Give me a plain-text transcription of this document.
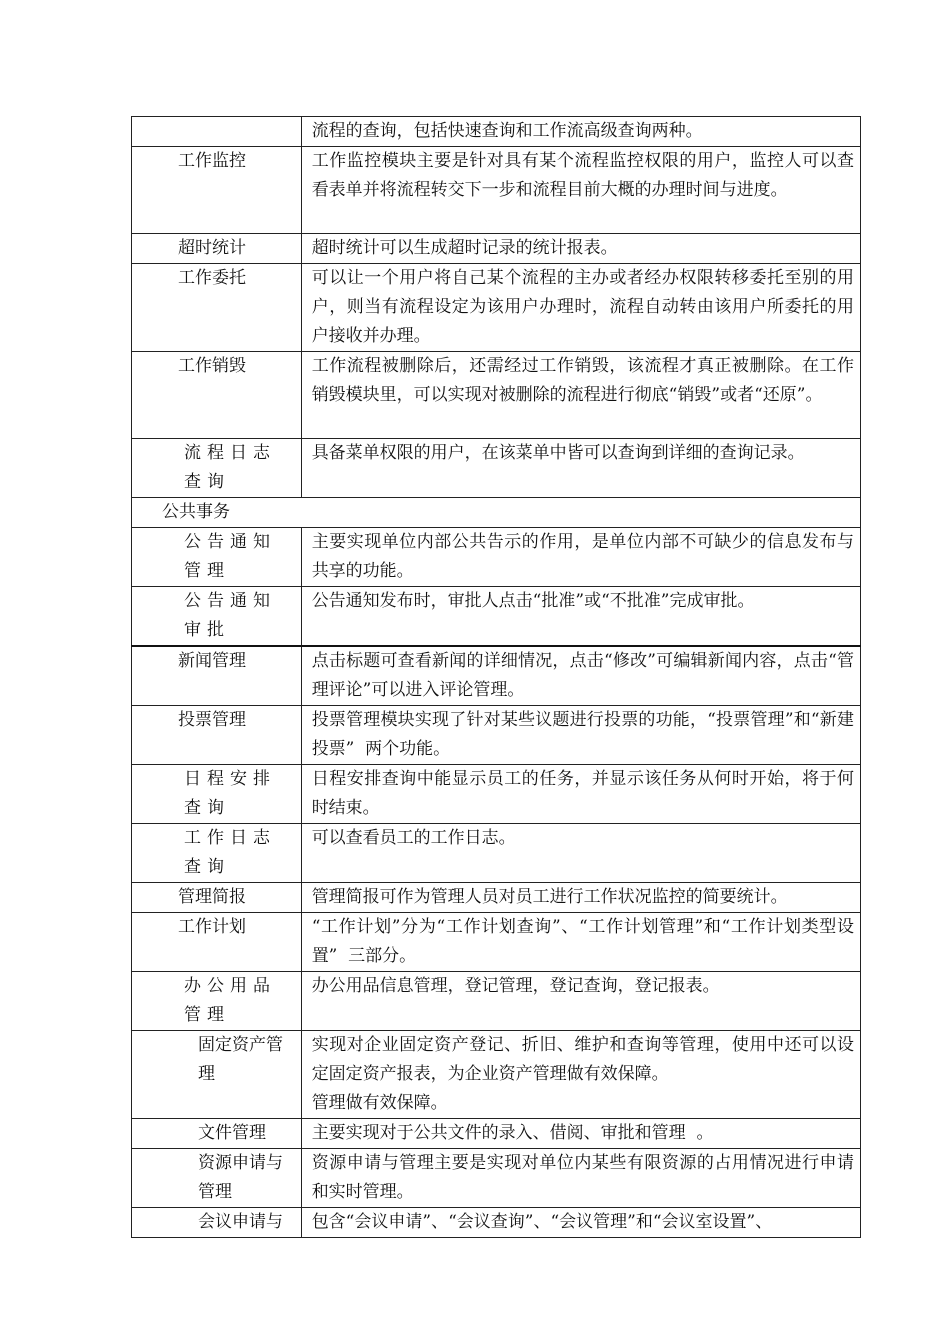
	流程的查询，包括快速查询和工作流高级查询两种。

工作监控	工作监控模块主要是针对具有某个流程监控权限的用户，监控人可以查看表单并将流程转交下一步和流程目前大概的办理时间与进度。

超时统计	超时统计可以生成超时记录的统计报表。

工作委托	可以让一个用户将自己某个流程的主办或者经办权限转移委托至别的用户，则当有流程设定为该用户办理时，流程自动转由该用户所委托的用户接收并办理。

工作销毁	工作流程被删除后，还需经过工作销毁，该流程才真正被删除。在工作销毁模块里，可以实现对被删除的流程进行彻底“销毁”或者“还原”。

流程日志查询	具备菜单权限的用户，在该菜单中皆可以查询到详细的查询记录。

公共事务	

公告通知管理	主要实现单位内部公共告示的作用，是单位内部不可缺少的信息发布与共享的功能。

公告通知审批	公告通知发布时，审批人点击“批准”或“不批准”完成审批。

新闻管理	点击标题可查看新闻的详细情况，点击“修改”可编辑新闻内容，点击“管理评论”可以进入评论管理。

投票管理	投票管理模块实现了针对某些议题进行投票的功能，“投票管理”和“新建投票”  两个功能。

日程安排查询	日程安排查询中能显示员工的任务，并显示该任务从何时开始，将于何时结束。

工作日志查询	可以查看员工的工作日志。

管理简报	管理简报可作为管理人员对员工进行工作状况监控的简要统计。

工作计划	“工作计划”分为“工作计划查询”、“工作计划管理”和“工作计划类型设置”  三部分。

办公用品管理	办公用品信息管理，登记管理，登记查询，登记报表。

固定资产管理	实现对企业固定资产登记、折旧、维护和查询等管理，使用中还可以设定固定资产报表，为企业资产管理做有效保障。
管理做有效保障。

文件管理	主要实现对于公共文件的录入、借阅、审批和管理  。

资源申请与管理	资源申请与管理主要是实现对单位内某些有限资源的占用情况进行申请和实时管理。

会议申请与	包含“会议申请”、“会议查询”、“会议管理”和“会议室设置”、
